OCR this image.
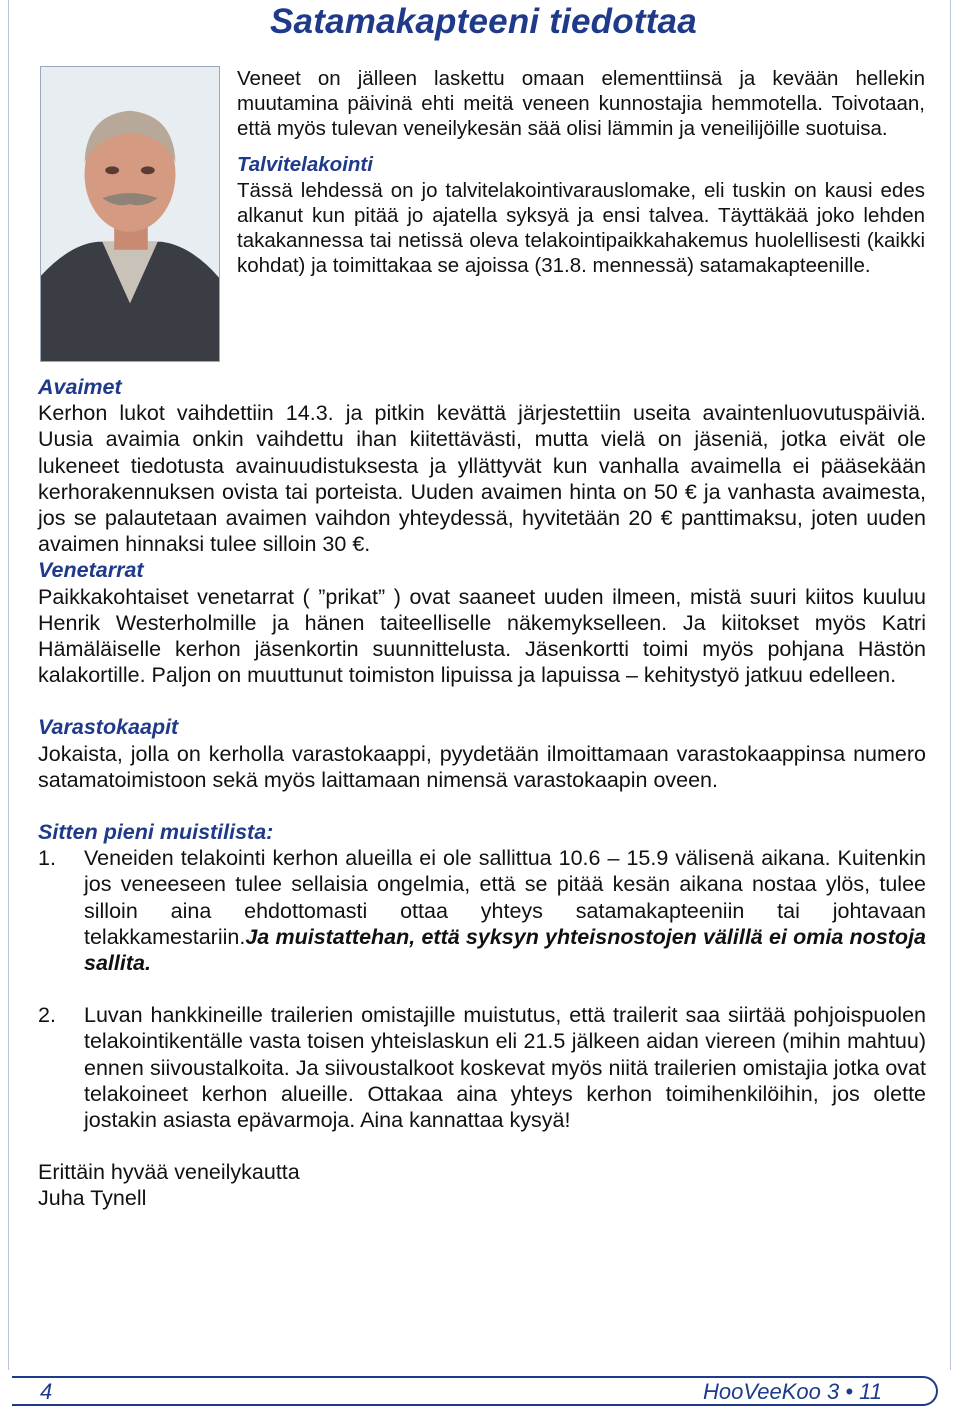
Satamakapteeni tiedottaa

Veneet on jälleen laskettu omaan elementtiinsä ja kevään hellekin muutamina päivinä ehti meitä veneen kunnostajia hemmotella. Toivotaan, että myös tulevan veneilykesän sää olisi lämmin ja veneilijöille suotuisa.

Talvitelakointi

Tässä lehdessä on jo talvitelakointivarauslomake, eli tuskin on kausi edes alkanut kun pitää jo ajatella syksyä ja ensi talvea. Täyttäkää joko lehden takakannessa tai netissä oleva telakointipaikkahakemus huolellisesti (kaikki kohdat) ja toimittakaa se ajoissa (31.8. mennessä) satamakapteenille.

Avaimet

Kerhon lukot vaihdettiin 14.3. ja pitkin kevättä järjestettiin useita avaintenluovutuspäiviä. Uusia avaimia onkin vaihdettu ihan kiitettävästi, mutta vielä on jäseniä, jotka eivät ole lukeneet tiedotusta avainuudistuksesta ja yllättyvät kun vanhalla avaimella ei pääsekään kerhorakennuksen ovista tai porteista. Uuden avaimen hinta on 50 € ja vanhasta avaimesta, jos se palautetaan avaimen vaihdon yhteydessä, hyvitetään 20 € panttimaksu, joten uuden avaimen hinnaksi tulee silloin 30 €.

Venetarrat

Paikkakohtaiset venetarrat ( ”prikat” ) ovat saaneet uuden ilmeen, mistä suuri kiitos kuuluu Henrik Westerholmille ja hänen taiteelliselle näkemykselleen. Ja kiitokset myös Katri Hämäläiselle kerhon jäsenkortin suunnittelusta. Jäsenkortti toimi myös pohjana Hästön kalakortille. Paljon on muuttunut toimiston lipuissa ja lapuissa – kehitystyö jatkuu edelleen.

Varastokaapit

Jokaista, jolla on kerholla varastokaappi, pyydetään ilmoittamaan varastokaappinsa numero satamatoimistoon sekä myös laittamaan nimensä varastokaapin oveen.

Sitten pieni muistilista:
1.	Veneiden telakointi kerhon alueilla ei ole sallittua 10.6 – 15.9 välisenä aikana. Kuitenkin jos veneeseen tulee sellaisia ongelmia, että se pitää kesän aikana nostaa ylös, tulee silloin aina ehdottomasti ottaa yhteys satamakapteeniin tai johtavaan telakkamestariin.Ja muistatteh​an, että syksyn yhteisnostojen välillä ei omia nostoja sallita.

2.	Luvan hankkineille trailerien omistajille muistutus, että trailerit saa siirtää pohjoispuolen telakointikentälle vasta toisen yhteislaskun eli 21.5 jälkeen aidan viereen (mihin mahtuu) ennen siivoustalkoita. Ja siivoustalkoot koskevat myös niitä trailerien omistajia jotka ovat telakoineet kerhon alueille. Ottakaa aina yhteys kerhon toimihenkilöihin, jos olette jostakin asiasta epävarmoja. Aina kannattaa kysyä!

Erittäin hyvää veneilykautta

Juha Tynell

4	HooVeeKoo 3 • 11
